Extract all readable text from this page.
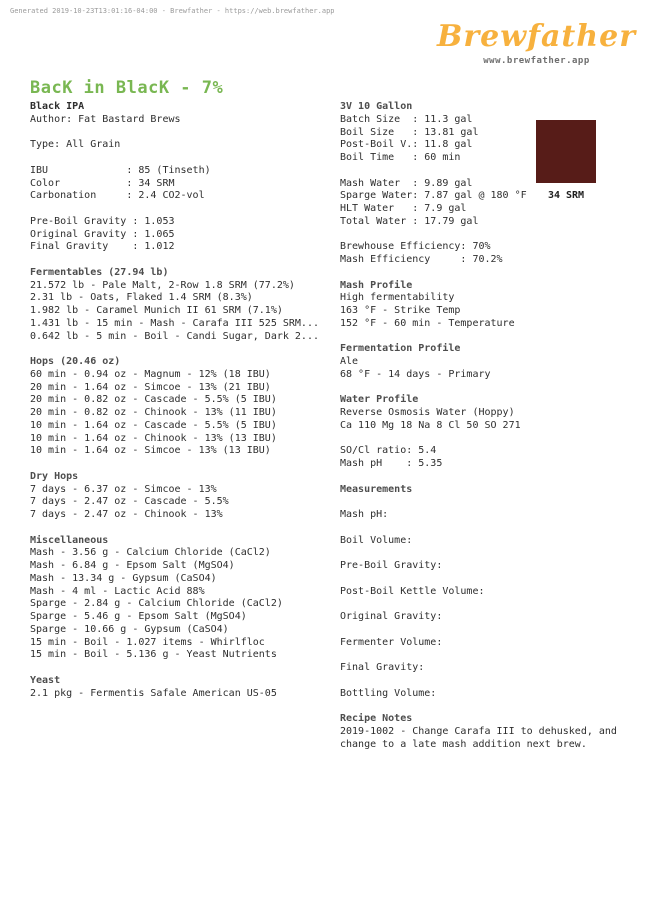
Generated 2019-10-23T13:01:16-04:00 - Brewfather - https://web.brewfather.app
Brewfather
www.brewfather.app
BacK in BlacK - 7%
Black IPA
Author: Fat Bastard Brews
Type: All Grain
IBU             : 85 (Tinseth)
Color           : 34 SRM
Carbonation     : 2.4 CO2-vol
Pre-Boil Gravity : 1.053
Original Gravity : 1.065
Final Gravity    : 1.012
Fermentables (27.94 lb)
21.572 lb - Pale Malt, 2-Row 1.8 SRM (77.2%)
2.31 lb - Oats, Flaked 1.4 SRM (8.3%)
1.982 lb - Caramel Munich II 61 SRM (7.1%)
1.431 lb - 15 min - Mash - Carafa III 525 SRM...
0.642 lb - 5 min - Boil - Candi Sugar, Dark 2...
Hops (20.46 oz)
60 min - 0.94 oz - Magnum - 12% (18 IBU)
20 min - 1.64 oz - Simcoe - 13% (21 IBU)
20 min - 0.82 oz - Cascade - 5.5% (5 IBU)
20 min - 0.82 oz - Chinook - 13% (11 IBU)
10 min - 1.64 oz - Cascade - 5.5% (5 IBU)
10 min - 1.64 oz - Chinook - 13% (13 IBU)
10 min - 1.64 oz - Simcoe - 13% (13 IBU)
Dry Hops
7 days - 6.37 oz - Simcoe - 13%
7 days - 2.47 oz - Cascade - 5.5%
7 days - 2.47 oz - Chinook - 13%
Miscellaneous
Mash - 3.56 g - Calcium Chloride (CaCl2)
Mash - 6.84 g - Epsom Salt (MgSO4)
Mash - 13.34 g - Gypsum (CaSO4)
Mash - 4 ml - Lactic Acid 88%
Sparge - 2.84 g - Calcium Chloride (CaCl2)
Sparge - 5.46 g - Epsom Salt (MgSO4)
Sparge - 10.66 g - Gypsum (CaSO4)
15 min - Boil - 1.027 items - Whirlfloc
15 min - Boil - 5.136 g - Yeast Nutrients
Yeast
2.1 pkg - Fermentis Safale American US-05
3V 10 Gallon
Batch Size  : 11.3 gal
Boil Size   : 13.81 gal
Post-Boil V.: 11.8 gal
Boil Time   : 60 min
Mash Water  : 9.89 gal
Sparge Water: 7.87 gal @ 180 °F
HLT Water   : 7.9 gal
Total Water : 17.79 gal
Brewhouse Efficiency: 70%
Mash Efficiency     : 70.2%
Mash Profile
High fermentability
163 °F - Strike Temp
152 °F - 60 min - Temperature
Fermentation Profile
Ale
68 °F - 14 days - Primary
Water Profile
Reverse Osmosis Water (Hoppy)
Ca 110 Mg 18 Na 8 Cl 50 SO 271
SO/Cl ratio: 5.4
Mash pH    : 5.35
Measurements
Mash pH:
Boil Volume:
Pre-Boil Gravity:
Post-Boil Kettle Volume:
Original Gravity:
Fermenter Volume:
Final Gravity:
Bottling Volume:
Recipe Notes
2019-1002 - Change Carafa III to dehusked, and
change to a late mash addition next brew.
34 SRM
